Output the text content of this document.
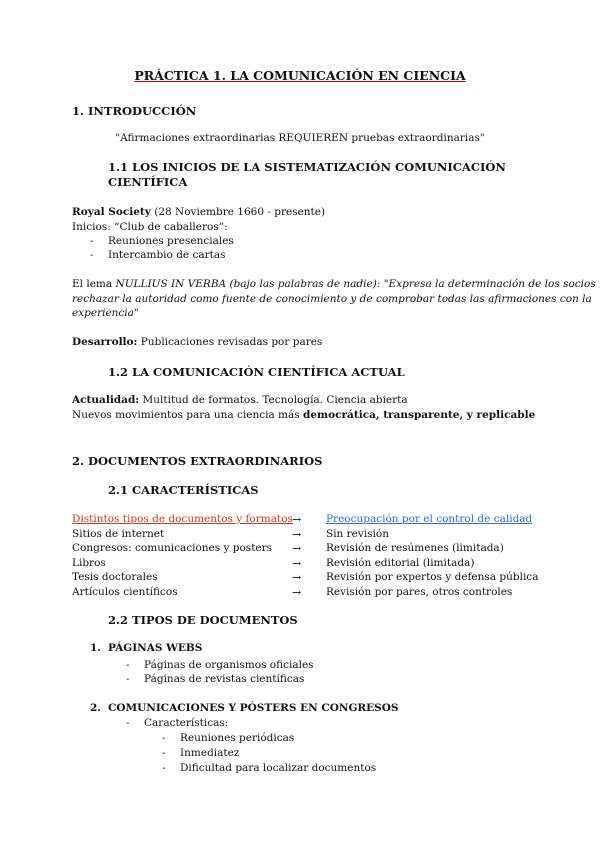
PRÁCTICA 1. LA COMUNICACIÓN EN CIENCIA
1. INTRODUCCIÓN
"Afirmaciones extraordinarias REQUIEREN pruebas extraordinarias"
1.1 LOS INICIOS DE LA SISTEMATIZACIÓN COMUNICACIÓN
CIENTÍFICA
Royal Society (28 Noviembre 1660 - presente)
Inicios: “Club de caballeros”:
- Reuniones presenciales
- Intercambio de cartas
El lema NULLIUS IN VERBA (bajo las palabras de nadie): "Expresa la determinación de los socios
rechazar la autoridad como fuente de conocimiento y de comprobar todas las afirmaciones con la
experiencia"
Desarrollo: Publicaciones revisadas por pares
1.2 LA COMUNICACIÓN CIENTÍFICA ACTUAL
Actualidad: Multitud de formatos. Tecnología. Ciencia abierta
Nuevos movimientos para una ciencia más democrática, transparente, y replicable
2. DOCUMENTOS EXTRAORDINARIOS
2.1 CARACTERÍSTICAS
Distintos tipos de documentos y formatos → Preocupación por el control de calidad
Sitios de internet	→ Sin revisión
Congresos: comunicaciones y posters → Revisión de resúmenes (limitada)
Libros	→ Revisión editorial (limitada)
Tesis doctorales	→ Revisión por expertos y defensa pública
Artículos científicos	→ Revisión por pares, otros controles
2.2 TIPOS DE DOCUMENTOS
1. PÁGINAS WEBS
- Páginas de organismos oficiales
- Páginas de revistas científicas
2. COMUNICACIONES Y PÓSTERS EN CONGRESOS
- Características:
- Reuniones periódicas
- Inmediatez
- Dificultad para localizar documentos
